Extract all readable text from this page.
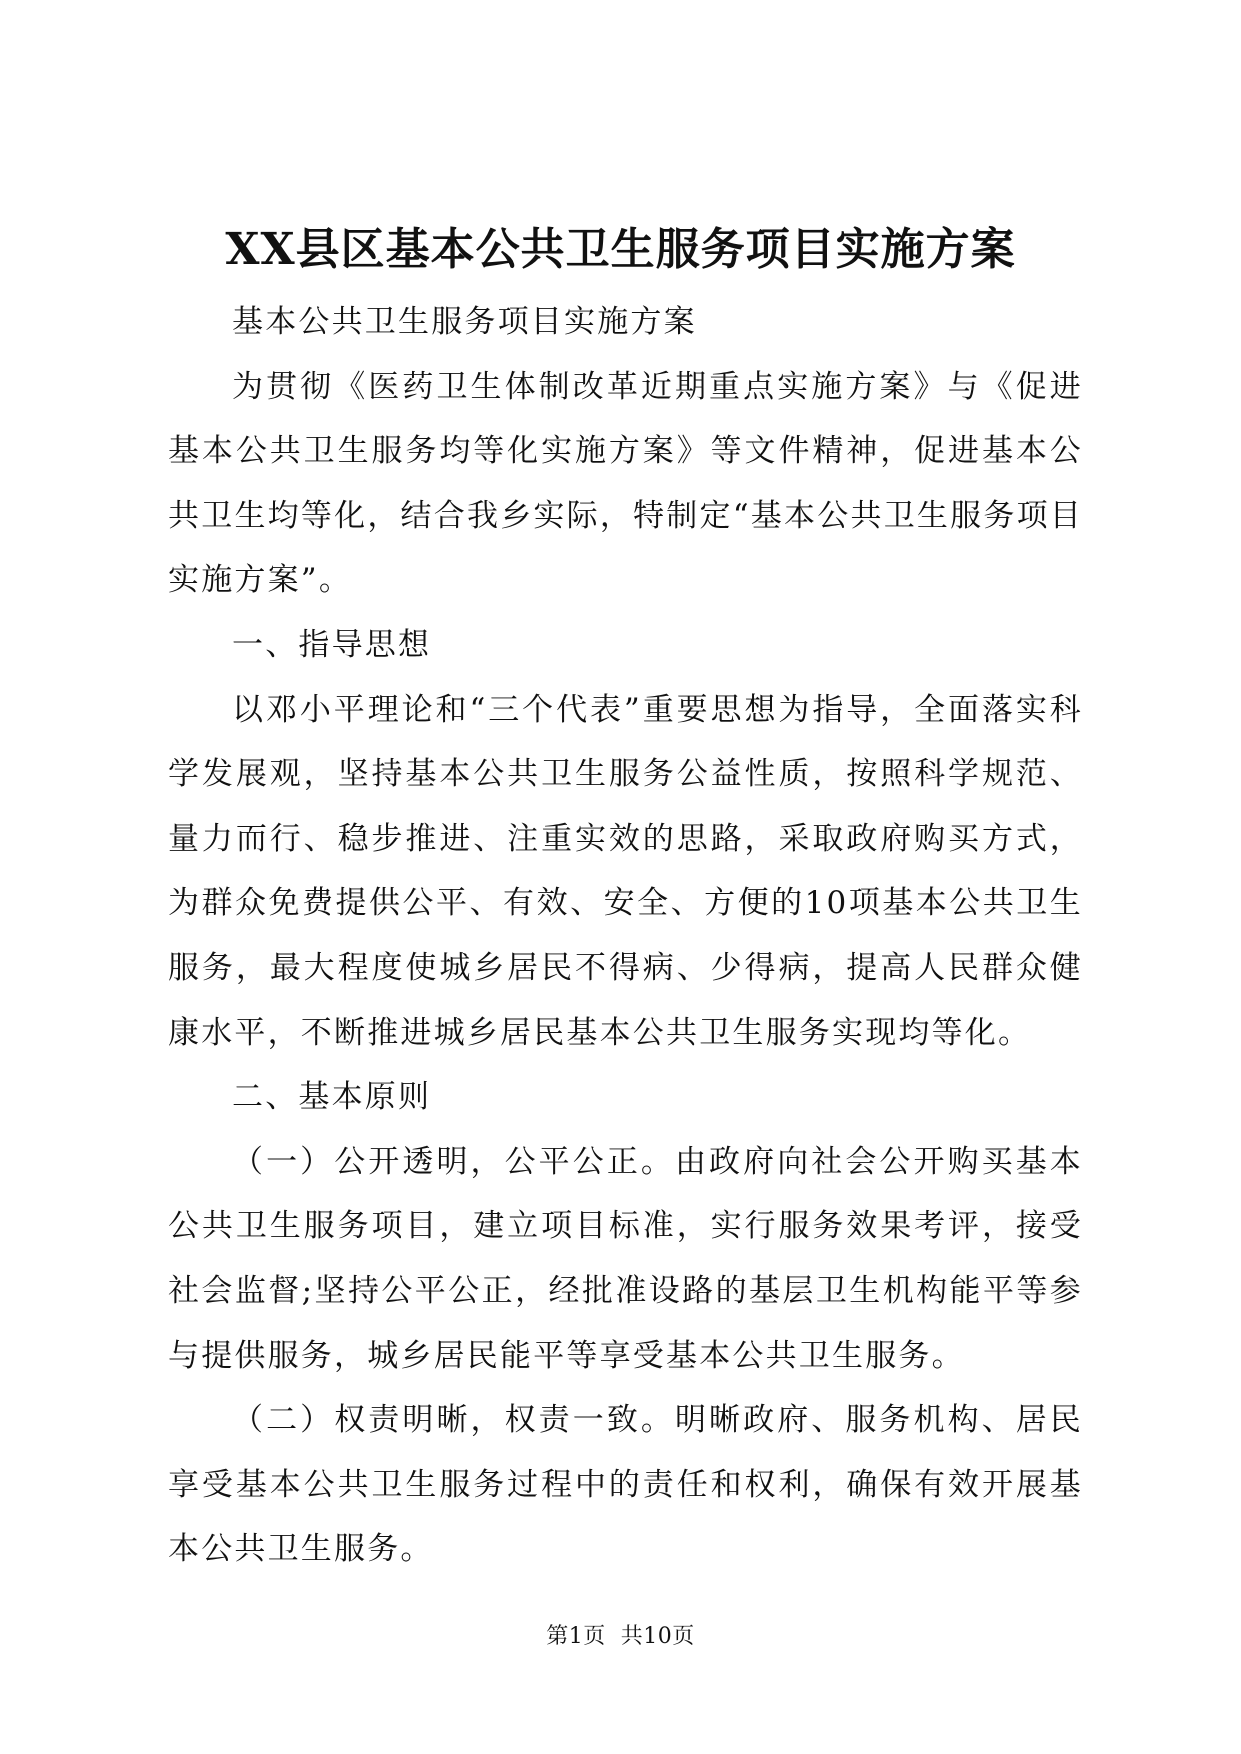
XX县区基本公共卫生服务项目实施方案

基本公共卫生服务项目实施方案

为贯彻《医药卫生体制改革近期重点实施方案》与《促进基本公共卫生服务均等化实施方案》等文件精神，促进基本公共卫生均等化，结合我乡实际，特制定“基本公共卫生服务项目实施方案”。

一、指导思想

以邓小平理论和“三个代表”重要思想为指导，全面落实科学发展观，坚持基本公共卫生服务公益性质，按照科学规范、量力而行、稳步推进、注重实效的思路，采取政府购买方式，为群众免费提供公平、有效、安全、方便的10项基本公共卫生服务，最大程度使城乡居民不得病、少得病，提高人民群众健康水平，不断推进城乡居民基本公共卫生服务实现均等化。

二、基本原则

（一）公开透明，公平公正。由政府向社会公开购买基本公共卫生服务项目，建立项目标准，实行服务效果考评，接受社会监督;坚持公平公正，经批准设路的基层卫生机构能平等参与提供服务，城乡居民能平等享受基本公共卫生服务。

（二）权责明晰，权责一致。明晰政府、服务机构、居民享受基本公共卫生服务过程中的责任和权利，确保有效开展基本公共卫生服务。

第1页  共10页
